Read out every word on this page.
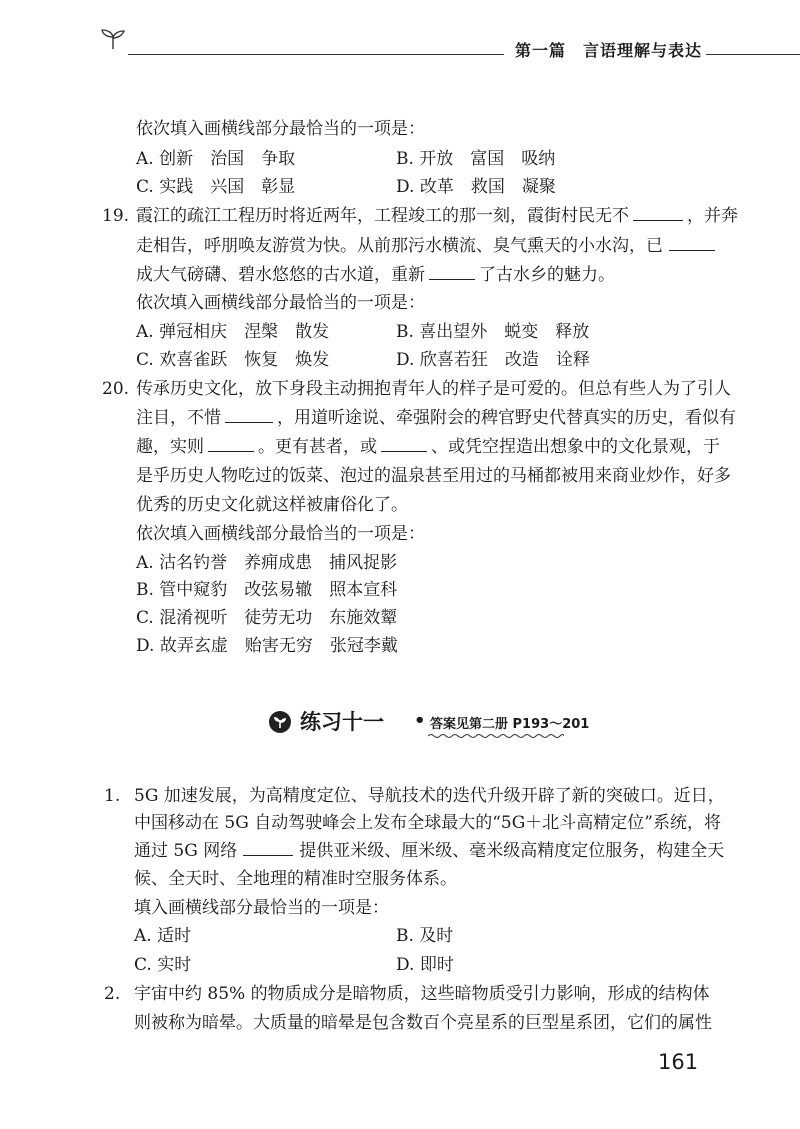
第一篇　言语理解与表达
依次填入画横线部分最恰当的一项是：
A. 创新　治国　争取	B. 开放　富国　吸纳
C. 实践　兴国　彰显	D. 改革　救国　凝聚
19. 霞江的疏江工程历时将近两年，工程竣工的那一刻，霞街村民无不	，并奔
走相告，呼朋唤友游赏为快。从前那污水横流、臭气熏天的小水沟，已
成大气磅礴、碧水悠悠的古水道，重新	了古水乡的魅力。
依次填入画横线部分最恰当的一项是：
A. 弹冠相庆　涅槃　散发	B. 喜出望外　蜕变　释放
C. 欢喜雀跃　恢复　焕发	D. 欣喜若狂　改造　诠释
20. 传承历史文化，放下身段主动拥抱青年人的样子是可爱的。但总有些人为了引人
注目，不惜	，用道听途说、牵强附会的稗官野史代替真实的历史，看似有
趣，实则	。更有甚者，或	、或凭空捏造出想象中的文化景观，于
是乎历史人物吃过的饭菜、泡过的温泉甚至用过的马桶都被用来商业炒作，好多
优秀的历史文化就这样被庸俗化了。
依次填入画横线部分最恰当的一项是：
A. 沽名钓誉　养痈成患　捕风捉影
B. 管中窥豹　改弦易辙　照本宣科
C. 混淆视听　徒劳无功　东施效颦
D. 故弄玄虚　贻害无穷　张冠李戴
练习十一 • 答案见第二册 P193～201
1. 5G 加速发展，为高精度定位、导航技术的迭代升级开辟了新的突破口。近日，
中国移动在 5G 自动驾驶峰会上发布全球最大的“5G＋北斗高精定位”系统，将
通过 5G 网络	提供亚米级、厘米级、毫米级高精度定位服务，构建全天
候、全天时、全地理的精准时空服务体系。
填入画横线部分最恰当的一项是：
A. 适时	B. 及时
C. 实时	D. 即时
2. 宇宙中约 85% 的物质成分是暗物质，这些暗物质受引力影响，形成的结构体
则被称为暗晕。大质量的暗晕是包含数百个亮星系的巨型星系团，它们的属性
161
